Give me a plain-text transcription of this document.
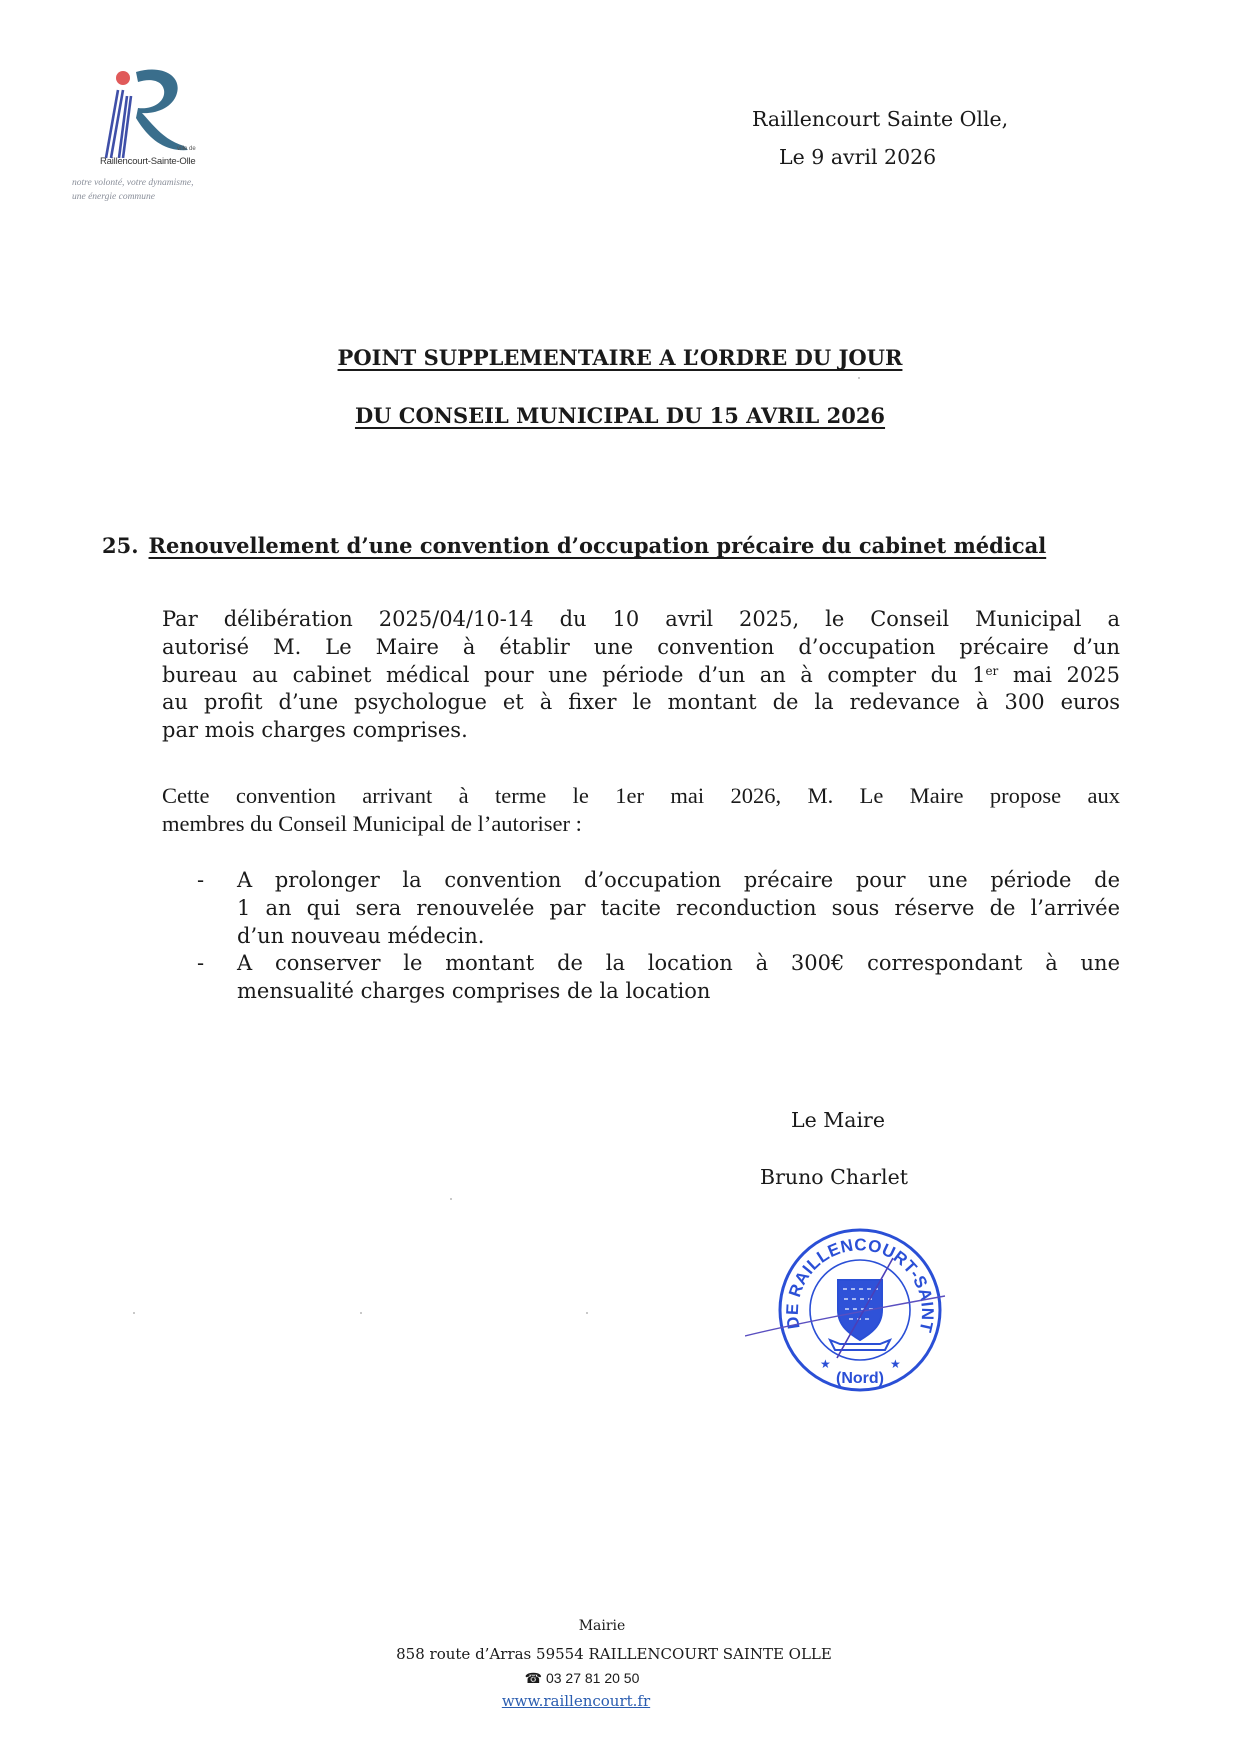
ville de
Raillencourt-Sainte-Olle
notre volonté, votre dynamisme,
une énergie commune
Raillencourt Sainte Olle,
Le 9 avril 2026
POINT SUPPLEMENTAIRE A L’ORDRE DU JOUR
DU CONSEIL MUNICIPAL DU 15 AVRIL 2026
25. Renouvellement d’une convention d’occupation précaire du cabinet médical
Par délibération 2025/04/10-14 du 10 avril 2025, le Conseil Municipal a
autorisé M. Le Maire à établir une convention d’occupation précaire d’un
bureau au cabinet médical pour une période d’un an à compter du 1er mai 2025
au profit d’une psychologue et à fixer le montant de la redevance à 300 euros
par mois charges comprises.
Cette convention arrivant à terme le 1er mai 2026, M. Le Maire propose aux
membres du Conseil Municipal de l’autoriser :
- A prolonger la convention d’occupation précaire pour une période de
1 an qui sera renouvelée par tacite reconduction sous réserve de l’arrivée
d’un nouveau médecin.
- A conserver le montant de la location à 300€ correspondant à une
mensualité charges comprises de la location
Le Maire
Bruno Charlet
DE RAILLENCOURT-SAINT
★	★
(Nord)
Mairie
858 route d’Arras 59554 RAILLENCOURT SAINTE OLLE
☎ 03 27 81 20 50
www.raillencourt.fr
